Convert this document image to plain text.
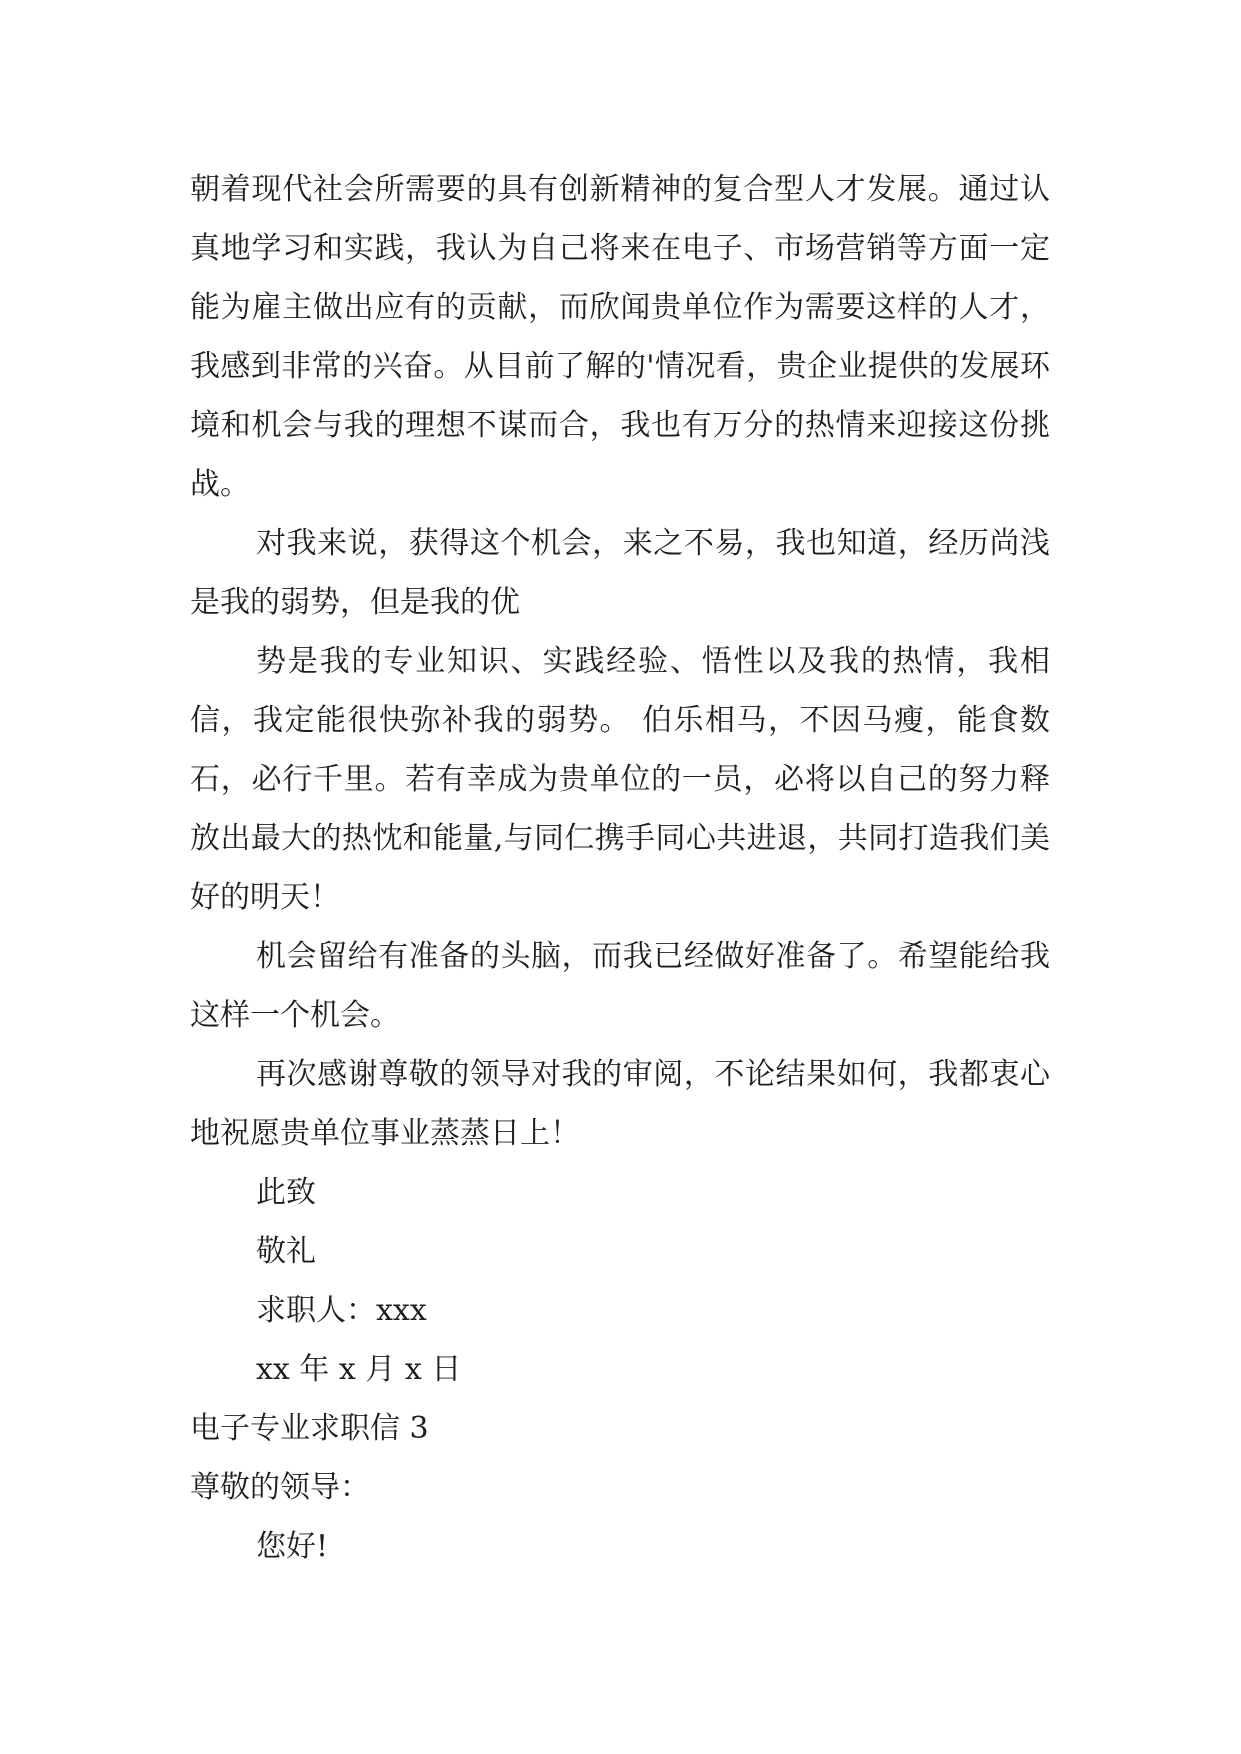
朝着现代社会所需要的具有创新精神的复合型人才发展。通过认真地学习和实践，我认为自己将来在电子、市场营销等方面一定能为雇主做出应有的贡献，而欣闻贵单位作为需要这样的人才，我感到非常的兴奋。从目前了解的'情况看，贵企业提供的发展环境和机会与我的理想不谋而合，我也有万分的热情来迎接这份挑战。

对我来说，获得这个机会，来之不易，我也知道，经历尚浅是我的弱势，但是我的优

势是我的专业知识、实践经验、悟性以及我的热情，我相信，我定能很快弥补我的弱势。 伯乐相马，不因马瘦，能食数石，必行千里。若有幸成为贵单位的一员，必将以自己的努力释放出最大的热忱和能量,与同仁携手同心共进退，共同打造我们美好的明天！

机会留给有准备的头脑，而我已经做好准备了。希望能给我这样一个机会。

再次感谢尊敬的领导对我的审阅，不论结果如何，我都衷心地祝愿贵单位事业蒸蒸日上！

此致

敬礼

求职人：xxx

xx 年 x 月 x 日

电子专业求职信 3

尊敬的领导：

您好!
